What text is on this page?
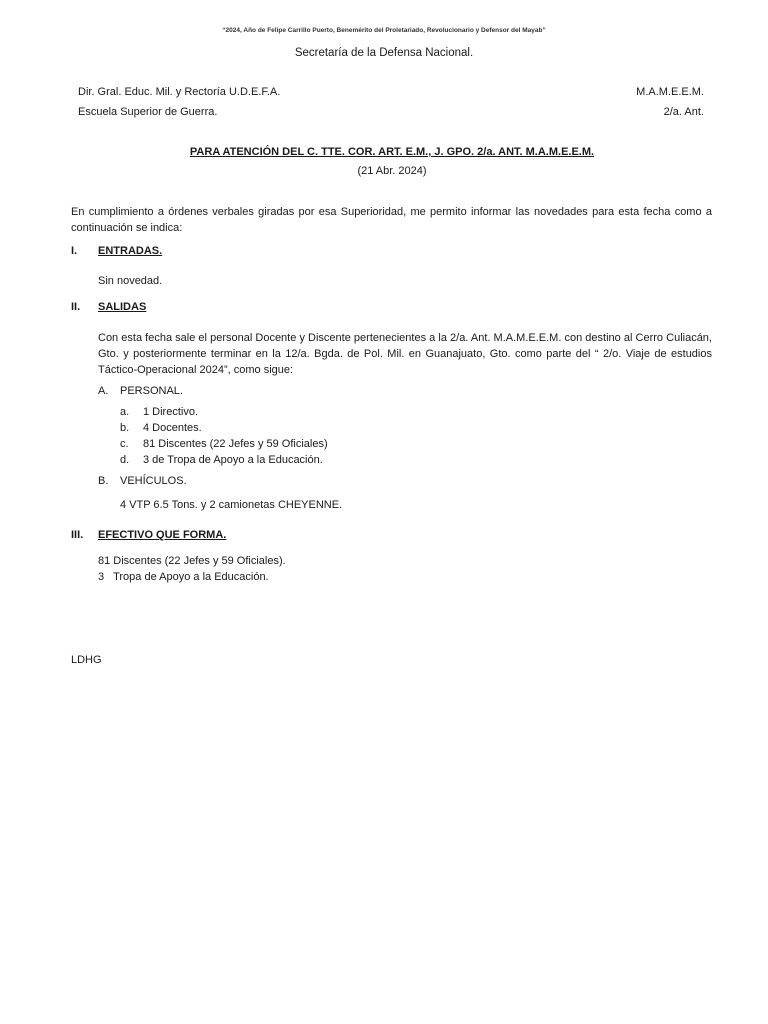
“2024, Año de Felipe Carrillo Puerto, Benemérito del Proletariado, Revolucionario y Defensor del Mayab”
Secretaría de la Defensa Nacional.
Dir. Gral. Educ. Mil. y Rectoría U.D.E.F.A.
Escuela Superior de Guerra.
M.A.M.E.E.M.
2/a. Ant.
PARA ATENCIÓN DEL C. TTE. COR. ART. E.M., J. GPO. 2/a. ANT. M.A.M.E.E.M.
(21 Abr. 2024)
En cumplimiento a órdenes verbales giradas por esa Superioridad, me permito informar las novedades para esta fecha como a continuación se indica:
I. ENTRADAS.
Sin novedad.
II. SALIDAS
Con esta fecha sale el personal Docente y Discente pertenecientes a la 2/a. Ant. M.A.M.E.E.M. con destino al Cerro Culiacán, Gto. y posteriormente terminar en la 12/a. Bgda. de Pol. Mil. en Guanajuato, Gto. como parte del “ 2/o. Viaje de estudios Táctico-Operacional 2024”, como sigue:
A. PERSONAL.
a. 1 Directivo.
b. 4 Docentes.
c. 81 Discentes (22 Jefes y 59 Oficiales)
d. 3 de Tropa de Apoyo a la Educación.
B. VEHÍCULOS.
4 VTP 6.5 Tons. y 2 camionetas CHEYENNE.
III. EFECTIVO QUE FORMA.
81 Discentes (22 Jefes y 59 Oficiales).
3   Tropa de Apoyo a la Educación.
LDHG
